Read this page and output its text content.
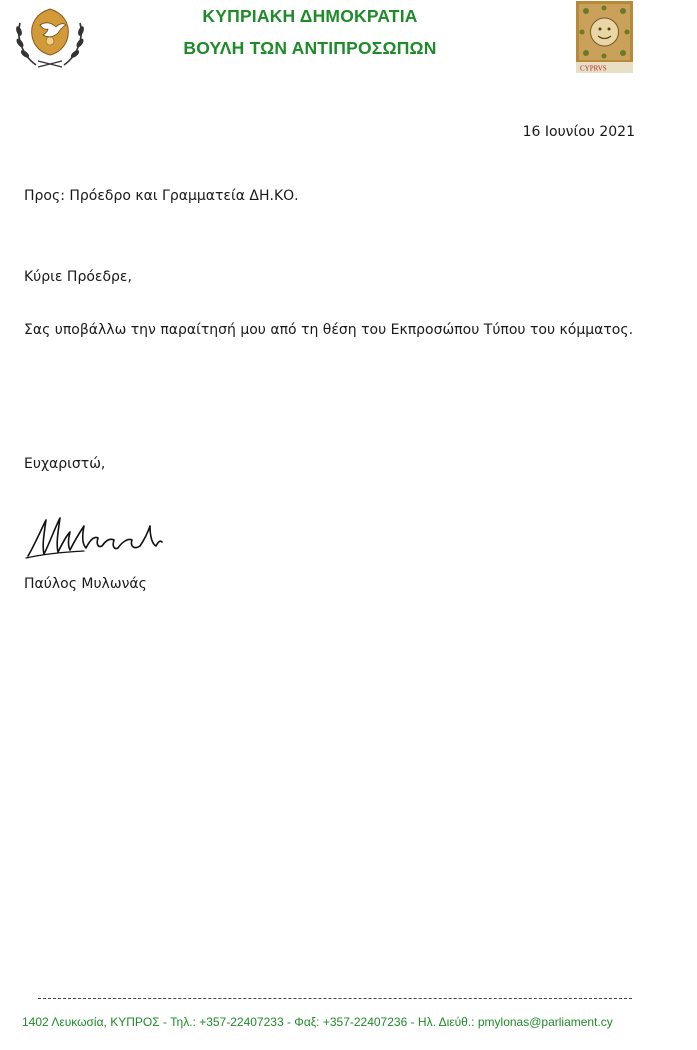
ΚΥΠΡΙΑΚΗ ΔΗΜΟΚΡΑΤΙΑ
ΒΟΥΛΗ ΤΩΝ ΑΝΤΙΠΡΟΣΩΠΩΝ
CYPRVS
16 Ιουνίου 2021
Προς: Πρόεδρο και Γραμματεία ΔΗ.ΚΟ.
Κύριε Πρόεδρε,
Σας υποβάλλω την παραίτησή μου από τη θέση του Εκπροσώπου Τύπου του κόμματος.
Ευχαριστώ,
Παύλος Μυλωνάς
1402 Λευκωσία, ΚΥΠΡΟΣ - Τηλ.: +357-22407233 - Φαξ: +357-22407236 - Ηλ. Διεύθ.: pmylonas@parliament.cy
